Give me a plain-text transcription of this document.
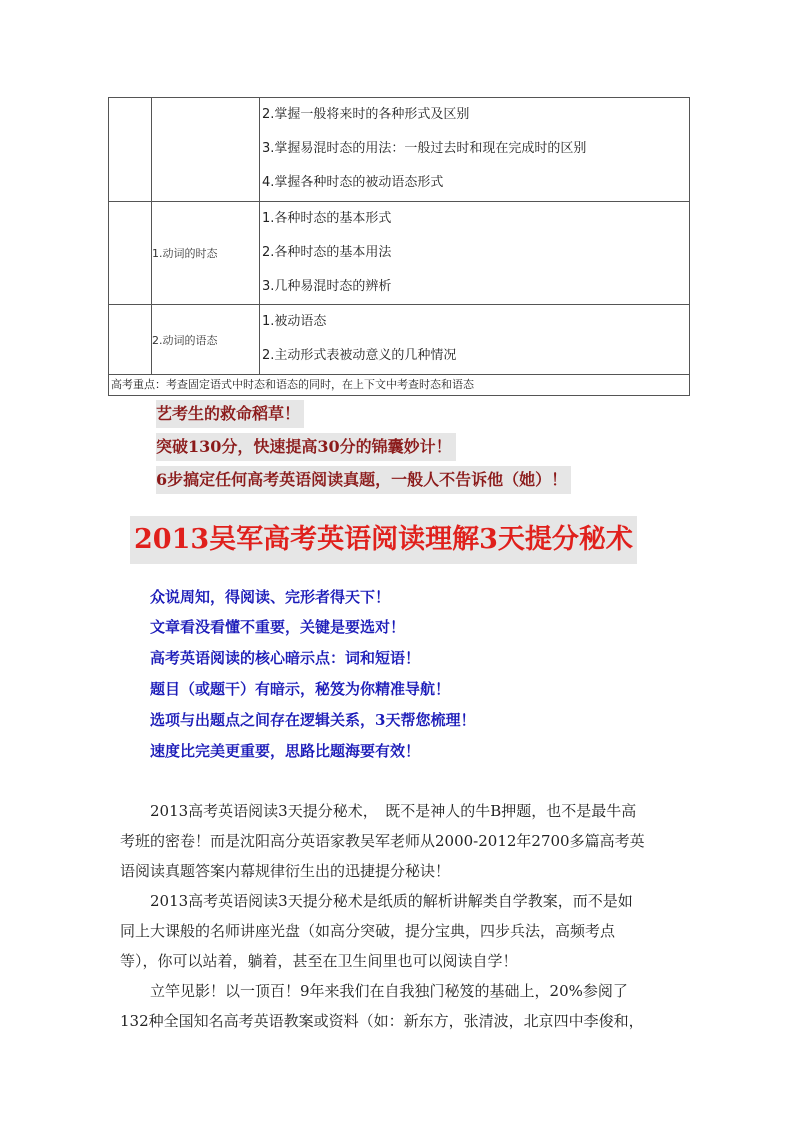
2.掌握一般将来时的各种形式及区别
3.掌握易混时态的用法：一般过去时和现在完成时的区别
4.掌握各种时态的被动语态形式
1.动词的时态
1.各种时态的基本形式
2.各种时态的基本用法
3.几种易混时态的辨析
2.动词的语态
1.被动语态
2.主动形式表被动意义的几种情况
高考重点：考查固定语式中时态和语态的同时，在上下文中考查时态和语态
艺考生的救命稻草！
突破130分，快速提高30分的锦囊妙计！
6步搞定任何高考英语阅读真题，一般人不告诉他（她）！
2013吴军高考英语阅读理解3天提分秘术
众说周知，得阅读、完形者得天下！
文章看没看懂不重要，关键是要选对！
高考英语阅读的核心暗示点：词和短语！
题目（或题干）有暗示，秘笈为你精准导航！
选项与出题点之间存在逻辑关系，3天帮您梳理！
速度比完美更重要，思路比题海要有效！
　　2013高考英语阅读3天提分秘术，　既不是神人的牛B押题，也不是最牛高
考班的密卷！而是沈阳高分英语家教吴军老师从2000-2012年2700多篇高考英
语阅读真题答案内幕规律衍生出的迅捷提分秘诀！
　　2013高考英语阅读3天提分秘术是纸质的解析讲解类自学教案，而不是如
同上大课般的名师讲座光盘（如高分突破，提分宝典，四步兵法，高频考点
等），你可以站着，躺着，甚至在卫生间里也可以阅读自学！
　　立竿见影！以一顶百！9年来我们在自我独门秘笈的基础上，20%参阅了
132种全国知名高考英语教案或资料（如：新东方，张清波，北京四中李俊和，
